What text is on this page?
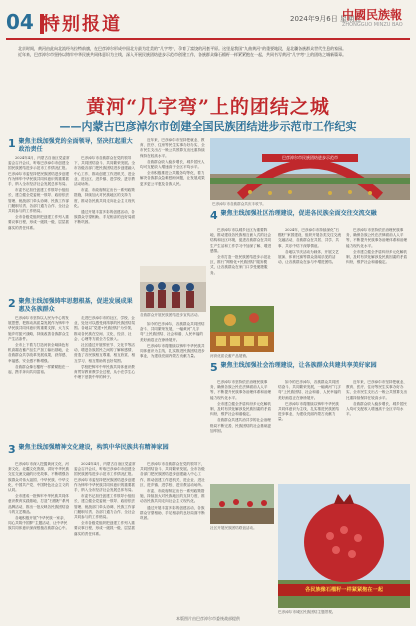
04 特别报道	2024年9月6日 星期五
中國民族報
ZHONGGUO MINZU BAO

北京时间，黄河由此向北流经乌拉特前旗，在巴彦淖尔形成中国北方最为壮美的“几字弯”，孕育了富饶的河套平原。这里是我国“九曲黄河”的重要地段，是北疆各族群众世代生息的家园。

近年来，巴彦淖尔市坚持以铸牢中华民族共同体意识为主线，深入开展民族团结进步示范市创建工作，各族群众像石榴籽一样紧紧抱在一起，共同书写黄河“几字弯”上的团结之城新篇章。

黄河“几字弯”上的团结之城
——内蒙古巴彦淖尔市创建全国民族团结进步示范市工作纪实
1 聚焦主线加强党的全面领导，坚决扛起重大政治责任

2024年4月，内蒙古自治区党委常委会召开会议，听取巴彦淖尔市创建全国民族团结进步示范市工作情况汇报。巴彦淖尔市委坚持把民族团结进步创建作为铸牢中华民族共同体意识的重要抓手，纳入全市经济社会发展总体布局。

市委书记担任创建工作领导小组组长，建立健全党委统一领导、政府依法管理、统战部门牵头协调、民族工作部门履职尽责、各部门通力合作、全社会共同参与的工作格局。

全市各级党组织把创建工作列入重要议事日程，形成一级抓一级、层层抓落实的责任体系。

巴彦淖尔市各族群众在党的领导下，共同团结奋斗、共同繁荣发展。全市各级各部门把民族团结进步创建融入中心工作，推动创建工作进机关、进企业、进社区、进乡镇、进学校、进宗教活动场所。

市委、市政府制定出台一系列政策措施，持续加大对民族地区的支持力度，推动各民族共同走向社会主义现代化。

通过开展丰富多彩的创建活动，各族群众守望相助、手足相亲的良好局面不断巩固。

近年来，巴彦淖尔市坚持把就业、教育、医疗、住房等民生实事办好办实，全市民生支出占一般公共预算支出比重持续保持在较高水平。

各族群众收入稳步增长，城乡居民人均可支配收入增速高于全区平均水平。

全市积极推进公共服务均等化，着力解决各族群众急难愁盼问题，让发展成果更多更公平惠及各族人民。

巴彦淖尔市民族团结进步示范市
巴彦淖尔市各族群众共庆丰收节。
各族群众开展民族团结进步宣传活动。
4 聚焦主线加强社区治理建设，促进各民族全面交往交流交融

巴彦淖尔市以城乡社区为重要阵地，推动建设各民族相互嵌入式的社会结构和社区环境，促进各族群众在共同生产生活和工作学习中加深了解、增进感情。

全市打造一批民族团结进步示范社区，推行“网格化+民族团结”服务模式，让各族群众在家门口享受便捷服务。

2024年，巴彦淖尔市持续深化“石榴籽”家园建设，组织开展各类交往交流交融活动，各族群众在共居、共学、共事、共乐中结下深厚情谊。

各地以节庆活动为载体，开展文艺展演、体育比赛等群众喜闻乐见的活动，让各族群众在参与中增进团结。

巴彦淖尔市坚持依法治理民族事务，确保各族公民在法律面前人人平等，不断提升民族事务治理体系和治理能力现代化水平。

全市建立健全矛盾纠纷多元化解机制，及时有效化解涉及民族因素的矛盾纠纷，维护社会和谐稳定。

河套优质农畜产品展销。
2 聚焦主线加强铸牢思想根基，促进发展成果惠及各族群众

巴彦淖尔市坚持以人民为中心的发展思想，把推动高质量发展作为铸牢中华民族共同体意识的重要支撑，大力实施乡村振兴战略，持续改善各族群众生产生活条件。

全市上下着力打造河套全域绿色有机高端农畜产品生产加工输出基地，让各族群众共享改革发展成果，获得感、幸福感、安全感不断增强。

各族群众像石榴籽一样紧紧抱在一起，携手奔向共同富裕。

走进巴彦淖尔市的社区、学校、企业，处处可以感受到浓厚的民族团结氛围。各地以“党建+民族团结”为引领，推动各民族在空间、文化、经济、社会、心理等方面全方位嵌入。

社区通过开展邻里节、文化节等活动，增进各族居民之间的了解和感情，营造了各民族相互尊重、相互欣赏、相互学习、相互帮助的良好氛围。

学校把铸牢中华民族共同体意识教育贯穿教育教学全过程，从小在学生心中埋下爱我中华的种子。

如今的巴彦淖尔，各族群众共同团结奋斗、共同繁荣发展，一幅黄河“几字弯”上民族团结、社会和谐、人民幸福的美好画卷正在徐徐展开。

巴彦淖尔市将继续以铸牢中华民族共同体意识为主线，扎实推进民族团结进步事业，为建设亮丽内蒙古贡献力量。

5 聚焦主线加强社会治理建设，让各族群众共建共享美好家园

巴彦淖尔市坚持依法治理民族事务，确保各族公民在法律面前人人平等，不断提升民族事务治理体系和治理能力现代化水平。

全市建立健全矛盾纠纷多元化解机制，及时有效化解涉及民族因素的矛盾纠纷，维护社会和谐稳定。

各族群众共建共治共享的社会治理格局不断完善，民族团结的社会基础更加牢固。

如今的巴彦淖尔，各族群众共同团结奋斗、共同繁荣发展，一幅黄河“几字弯”上民族团结、社会和谐、人民幸福的美好画卷正在徐徐展开。

巴彦淖尔市将继续以铸牢中华民族共同体意识为主线，扎实推进民族团结进步事业，为建设亮丽内蒙古贡献力量。

近年来，巴彦淖尔市坚持把就业、教育、医疗、住房等民生实事办好办实，全市民生支出占一般公共预算支出比重持续保持在较高水平。

各族群众收入稳步增长，城乡居民人均可支配收入增速高于全区平均水平。

3 聚焦主线加强精神文化建设，构筑中华民族共有精神家园

巴彦淖尔市深入挖掘黄河文化、河套文化、北疆文化资源，讲好中华民族交往交流交融的历史故事，不断增强各族群众对伟大祖国、中华民族、中华文化、中国共产党、中国特色社会主义的认同。

全市建成一批铸牢中华民族共同体意识教育实践基地，打造“石榴籽”系列品牌活动，推出一批反映各民族团结奋斗的文艺精品。

各地积极开展“中华民族一家亲、同心共筑中国梦”主题活动，让中华民族共同体意识深深根植各族群众心中。

2024年4月，内蒙古自治区党委常委会召开会议，听取巴彦淖尔市创建全国民族团结进步示范市工作情况汇报。巴彦淖尔市委坚持把民族团结进步创建作为铸牢中华民族共同体意识的重要抓手，纳入全市经济社会发展总体布局。

市委书记担任创建工作领导小组组长，建立健全党委统一领导、政府依法管理、统战部门牵头协调、民族工作部门履职尽责、各部门通力合作、全社会共同参与的工作格局。

全市各级党组织把创建工作列入重要议事日程，形成一级抓一级、层层抓落实的责任体系。

巴彦淖尔市各族群众在党的领导下，共同团结奋斗、共同繁荣发展。全市各级各部门把民族团结进步创建融入中心工作，推动创建工作进机关、进企业、进社区、进乡镇、进学校、进宗教活动场所。

市委、市政府制定出台一系列政策措施，持续加大对民族地区的支持力度，推动各民族共同走向社会主义现代化。

通过开展丰富多彩的创建活动，各族群众守望相助、手足相亲的良好局面不断巩固。

社区开展民族团结联谊活动。
各民族像石榴籽一样紧紧抱在一起
巴彦淖尔市城区民族团结主题景观。
本版图片由巴彦淖尔市委统战部提供
